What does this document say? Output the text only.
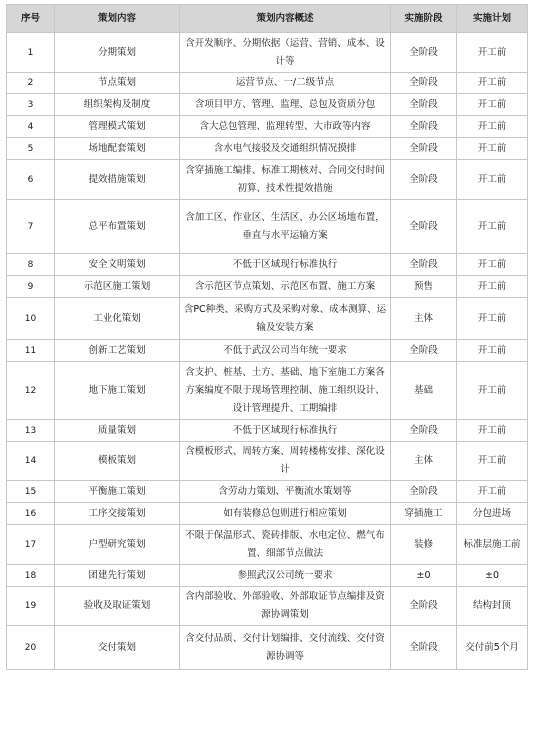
序号	策划内容	策划内容概述	实施阶段	实施计划
1	分期策划	含开发顺序、分期依据（运营、营销、成本、设计等	全阶段	开工前
2	节点策划	运营节点、一/二级节点	全阶段	开工前
3	组织架构及制度	含项目甲方、管理、监理、总包及资质分包	全阶段	开工前
4	管理模式策划	含大总包管理、监理转型、大市政等内容	全阶段	开工前
5	场地配套策划	含水电气接驳及交通组织情况摸排	全阶段	开工前
6	提效措施策划	含穿插施工编排、标准工期核对、合同交付时间初算、技术性提效措施	全阶段	开工前
7	总平布置策划	含加工区、作业区、生活区、办公区场地布置，垂直与水平运输方案	全阶段	开工前
8	安全文明策划	不低于区域现行标准执行	全阶段	开工前
9	示范区施工策划	含示范区节点策划、示范区布置、施工方案	预售	开工前
10	工业化策划	含PC种类、采购方式及采购对象、成本测算、运输及安装方案	主体	开工前
11	创新工艺策划	不低于武汉公司当年统一要求	全阶段	开工前
12	地下施工策划	含支护、桩基、土方、基础、地下室施工方案各方案编度不限于现场管理控制、施工组织设计、设计管理提升、工期编排	基础	开工前
13	质量策划	不低于区域现行标准执行	全阶段	开工前
14	模板策划	含模板形式、周转方案、周转楼栋安排、深化设计	主体	开工前
15	平衡施工策划	含劳动力策划、平衡流水策划等	全阶段	开工前
16	工序交接策划	如有装修总包则进行相应策划	穿插施工	分包进场
17	户型研究策划	不限于保温形式、瓷砖排版、水电定位、燃气布置、细部节点做法	装修	标准层施工前
18	团建先行策划	参照武汉公司统一要求	±0	±0
19	验收及取证策划	含内部验收、外部验收、外部取证节点编排及资源协调策划	全阶段	结构封顶
20	交付策划	含交付品质、交付计划编排、交付流线、交付资源协调等	全阶段	交付前5个月
